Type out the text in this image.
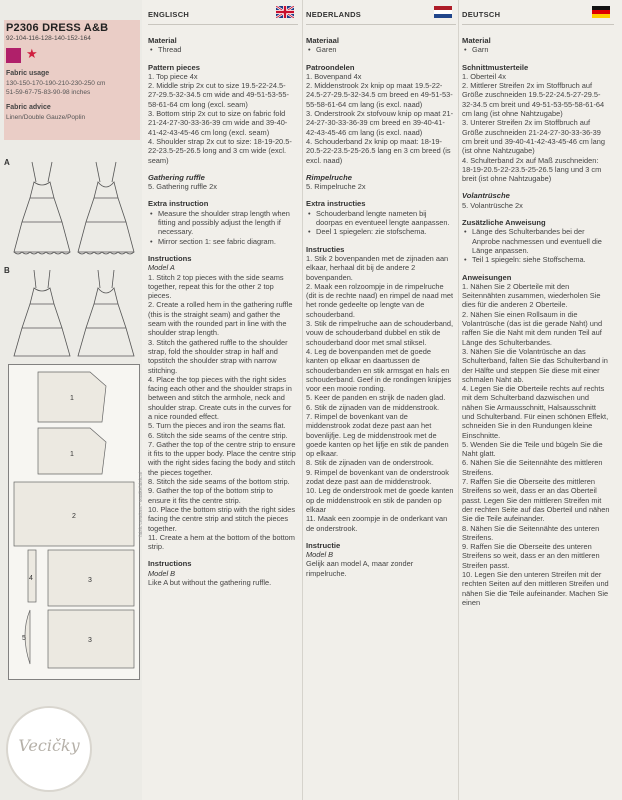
P2306 DRESS A&B
92-104-116-128-140-152-164
★
Fabric usage
130-150-170-190-210-230-250 cm
51-59-67-75-83-90-98 inches
Fabric advice
Linen/Double Gauze/Poplin
A
B
1
1
2
3
4
3
5
fabric creations - Maaikefabric.nl
Vecičky
ENGLISCH
Material
• Thread
Pattern pieces
1. Top piece 4x
2. Middle strip 2x cut to size 19.5-22-24.5-27-29.5-32-34.5 cm wide and 49-51-53-55-58-61-64 cm long (excl. seam)
3. Bottom strip 2x cut to size on fabric fold 21-24-27-30-33-36-39 cm wide and 39-40-41-42-43-45-46 cm long (excl. seam)
4. Shoulder strap 2x cut to size: 18-19-20.5-22-23.5-25-26.5 long and 3 cm wide (excl. seam)
Gathering ruffle
5. Gathering ruffle 2x
Extra instruction
• Measure the shoulder strap length when fitting and possibly adjust the length if necessary.
• Mirror section 1: see fabric diagram.
Instructions
Model A
1. Stitch 2 top pieces with the side seams together, repeat this for the other 2 top pieces.
2. Create a rolled hem in the gathering ruffle (this is the straight seam) and gather the seam with the rounded part in line with the shoulder strap length.
3. Stitch the gathered ruffle to the shoulder strap, fold the shoulder strap in half and topstitch the shoulder strap with narrow stitching.
4. Place the top pieces with the right sides facing each other and the shoulder straps in between and stitch the armhole, neck and shoulder strap. Create cuts in the curves for a nice rounded effect.
5. Turn the pieces and iron the seams flat.
6. Stitch the side seams of the centre strip.
7. Gather the top of the centre strip to ensure it fits to the upper body. Place the centre strip with the right sides facing the body and stitch the pieces together.
8. Stitch the side seams of the bottom strip.
9. Gather the top of the bottom strip to ensure it fits the centre strip.
10. Place the bottom strip with the right sides facing the centre strip and stitch the pieces together.
11. Create a hem at the bottom of the bottom strip.
Instructions
Model B
Like A but without the gathering ruffle.
NEDERLANDS
Materiaal
• Garen
Patroondelen
1. Bovenpand 4x
2. Middenstrook 2x knip op maat 19.5-22-24.5-27-29.5-32-34.5 cm breed en 49-51-53-55-58-61-64 cm lang (is excl. naad)
3. Onderstrook 2x stofvouw knip op maat 21-24-27-30-33-36-39 cm breed en 39-40-41-42-43-45-46 cm lang (is excl. naad)
4. Schouderband 2x knip op maat: 18-19-20.5-22-23.5-25-26.5 lang en 3 cm breed (is excl. naad)
Rimpelruche
5. Rimpelruche 2x
Extra instructies
• Schouderband lengte nameten bij doorpas en eventueel lengte aanpassen.
• Deel 1 spiegelen: zie stofschema.
Instructies
1. Stik 2 bovenpanden met de zijnaden aan elkaar, herhaal dit bij de andere 2 bovenpanden.
2. Maak een rolzoompje in de rimpelruche (dit is de rechte naad) en rimpel de naad met het ronde gedeelte op lengte van de schouderband.
3. Stik de rimpelruche aan de schouderband, vouw de schouderband dubbel en stik de schouderband door met smal stiksel.
4. Leg de bovenpanden met de goede kanten op elkaar en daartussen de schouderbanden en stik armsgat en hals en schouderband. Geef in de rondingen knipjes voor een mooie ronding.
5. Keer de panden en strijk de naden glad.
6. Stik de zijnaden van de middenstrook.
7. Rimpel de bovenkant van de middenstrook zodat deze past aan het bovenlijfje. Leg de middenstrook met de goede kanten op het lijfje en stik de panden op elkaar.
8. Stik de zijnaden van de onderstrook.
9. Rimpel de bovenkant van de onderstrook zodat deze past aan de middenstrook.
10. Leg de onderstrook met de goede kanten op de middenstrook en stik de panden op elkaar
11. Maak een zoompje in de onderkant van de onderstrook.
Instructie
Model B
Gelijk aan model A, maar zonder rimpelruche.
DEUTSCH
Material
• Garn
Schnittmusterteile
1. Oberteil 4x
2. Mittlerer Streifen 2x im Stoffbruch auf Größe zuschneiden 19.5-22-24.5-27-29.5-32-34.5 cm breit und 49-51-53-55-58-61-64 cm lang (ist ohne Nahtzugabe)
3. Unterer Streifen 2x im Stoffbruch auf Größe zuschneiden 21-24-27-30-33-36-39 cm breit und 39-40-41-42-43-45-46 cm lang (ist ohne Nahtzugabe)
4. Schulterband 2x auf Maß zuschneiden: 18-19-20.5-22-23.5-25-26.5 lang und 3 cm breit (ist ohne Nahtzugabe)
Volantrüsche
5. Volantrüsche 2x
Zusätzliche Anweisung
• Länge des Schulterbandes bei der Anprobe nachmessen und eventuell die Länge anpassen.
• Teil 1 spiegeln: siehe Stoffschema.
Anweisungen
1. Nähen Sie 2 Oberteile mit den Seitennähten zusammen, wiederholen Sie dies für die anderen 2 Oberteile.
2. Nähen Sie einen Rollsaum in die Volantrüsche (das ist die gerade Naht) und raffen Sie die Naht mit dem runden Teil auf Länge des Schulterbandes.
3. Nähen Sie die Volantrüsche an das Schulterband, falten Sie das Schulterband in der Hälfte und steppen Sie diese mit einer schmalen Naht ab.
4. Legen Sie die Oberteile rechts auf rechts mit dem Schulterband dazwischen und nähen Sie Armausschnitt, Halsausschnitt und Schulterband. Für einen schönen Effekt, schneiden Sie in den Rundungen kleine Einschnitte.
5. Wenden Sie die Teile und bügeln Sie die Naht glatt.
6. Nähen Sie die Seitennähte des mittleren Streifens.
7. Raffen Sie die Oberseite des mittleren Streifens so weit, dass er an das Oberteil passt. Legen Sie den mittleren Streifen mit der rechten Seite auf das Oberteil und nähen Sie die Teile aufeinander.
8. Nähen Sie die Seitennähte des unteren Streifens.
9. Raffen Sie die Oberseite des unteren Streifens so weit, dass er an den mittleren Streifen passt.
10. Legen Sie den unteren Streifen mit der rechten Seiten auf den mittleren Streifen und nähen Sie die Teile aufeinander. Machen Sie einen
